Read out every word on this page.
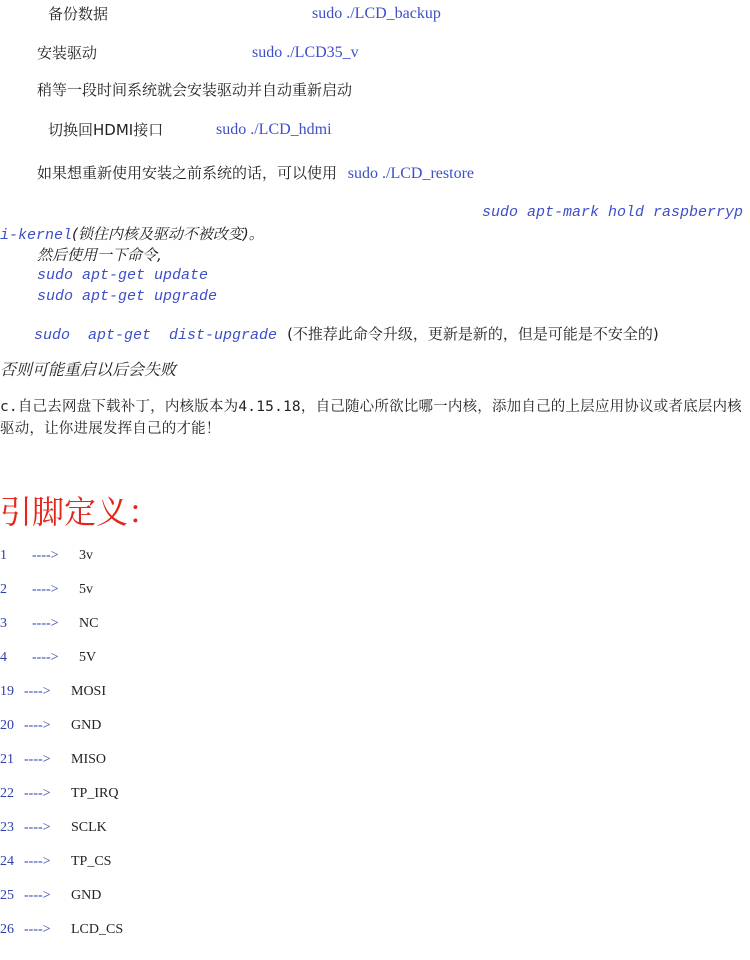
备份数据	sudo ./LCD_backup
安装驱动	sudo ./LCD35_v
稍等一段时间系统就会安装驱动并自动重新启动
切换回HDMI接口	sudo ./LCD_hdmi
如果想重新使用安装之前系统的话，可以使用 sudo ./LCD_restore
sudo apt-mark hold raspberryp
i-kernel(锁住内核及驱动不被改变)。
然后使用一下命令,
sudo apt-get update
sudo apt-get upgrade
sudo apt-get dist-upgrade (不推荐此命令升级，更新是新的，但是可能是不安全的)
否则可能重启以后会失败
c.自己去网盘下载补丁，内核版本为4.15.18，自己随心所欲比哪一内核，添加自己的上层应用协议或者底层内核驱动，让你进展发挥自己的才能！
引脚定义：
1 ----> 3v
2 ----> 5v
3 ----> NC
4 ----> 5V
19 ----> MOSI
20 ----> GND
21 ----> MISO
22 ----> TP_IRQ
23 ----> SCLK
24 ----> TP_CS
25 ----> GND
26 ----> LCD_CS
